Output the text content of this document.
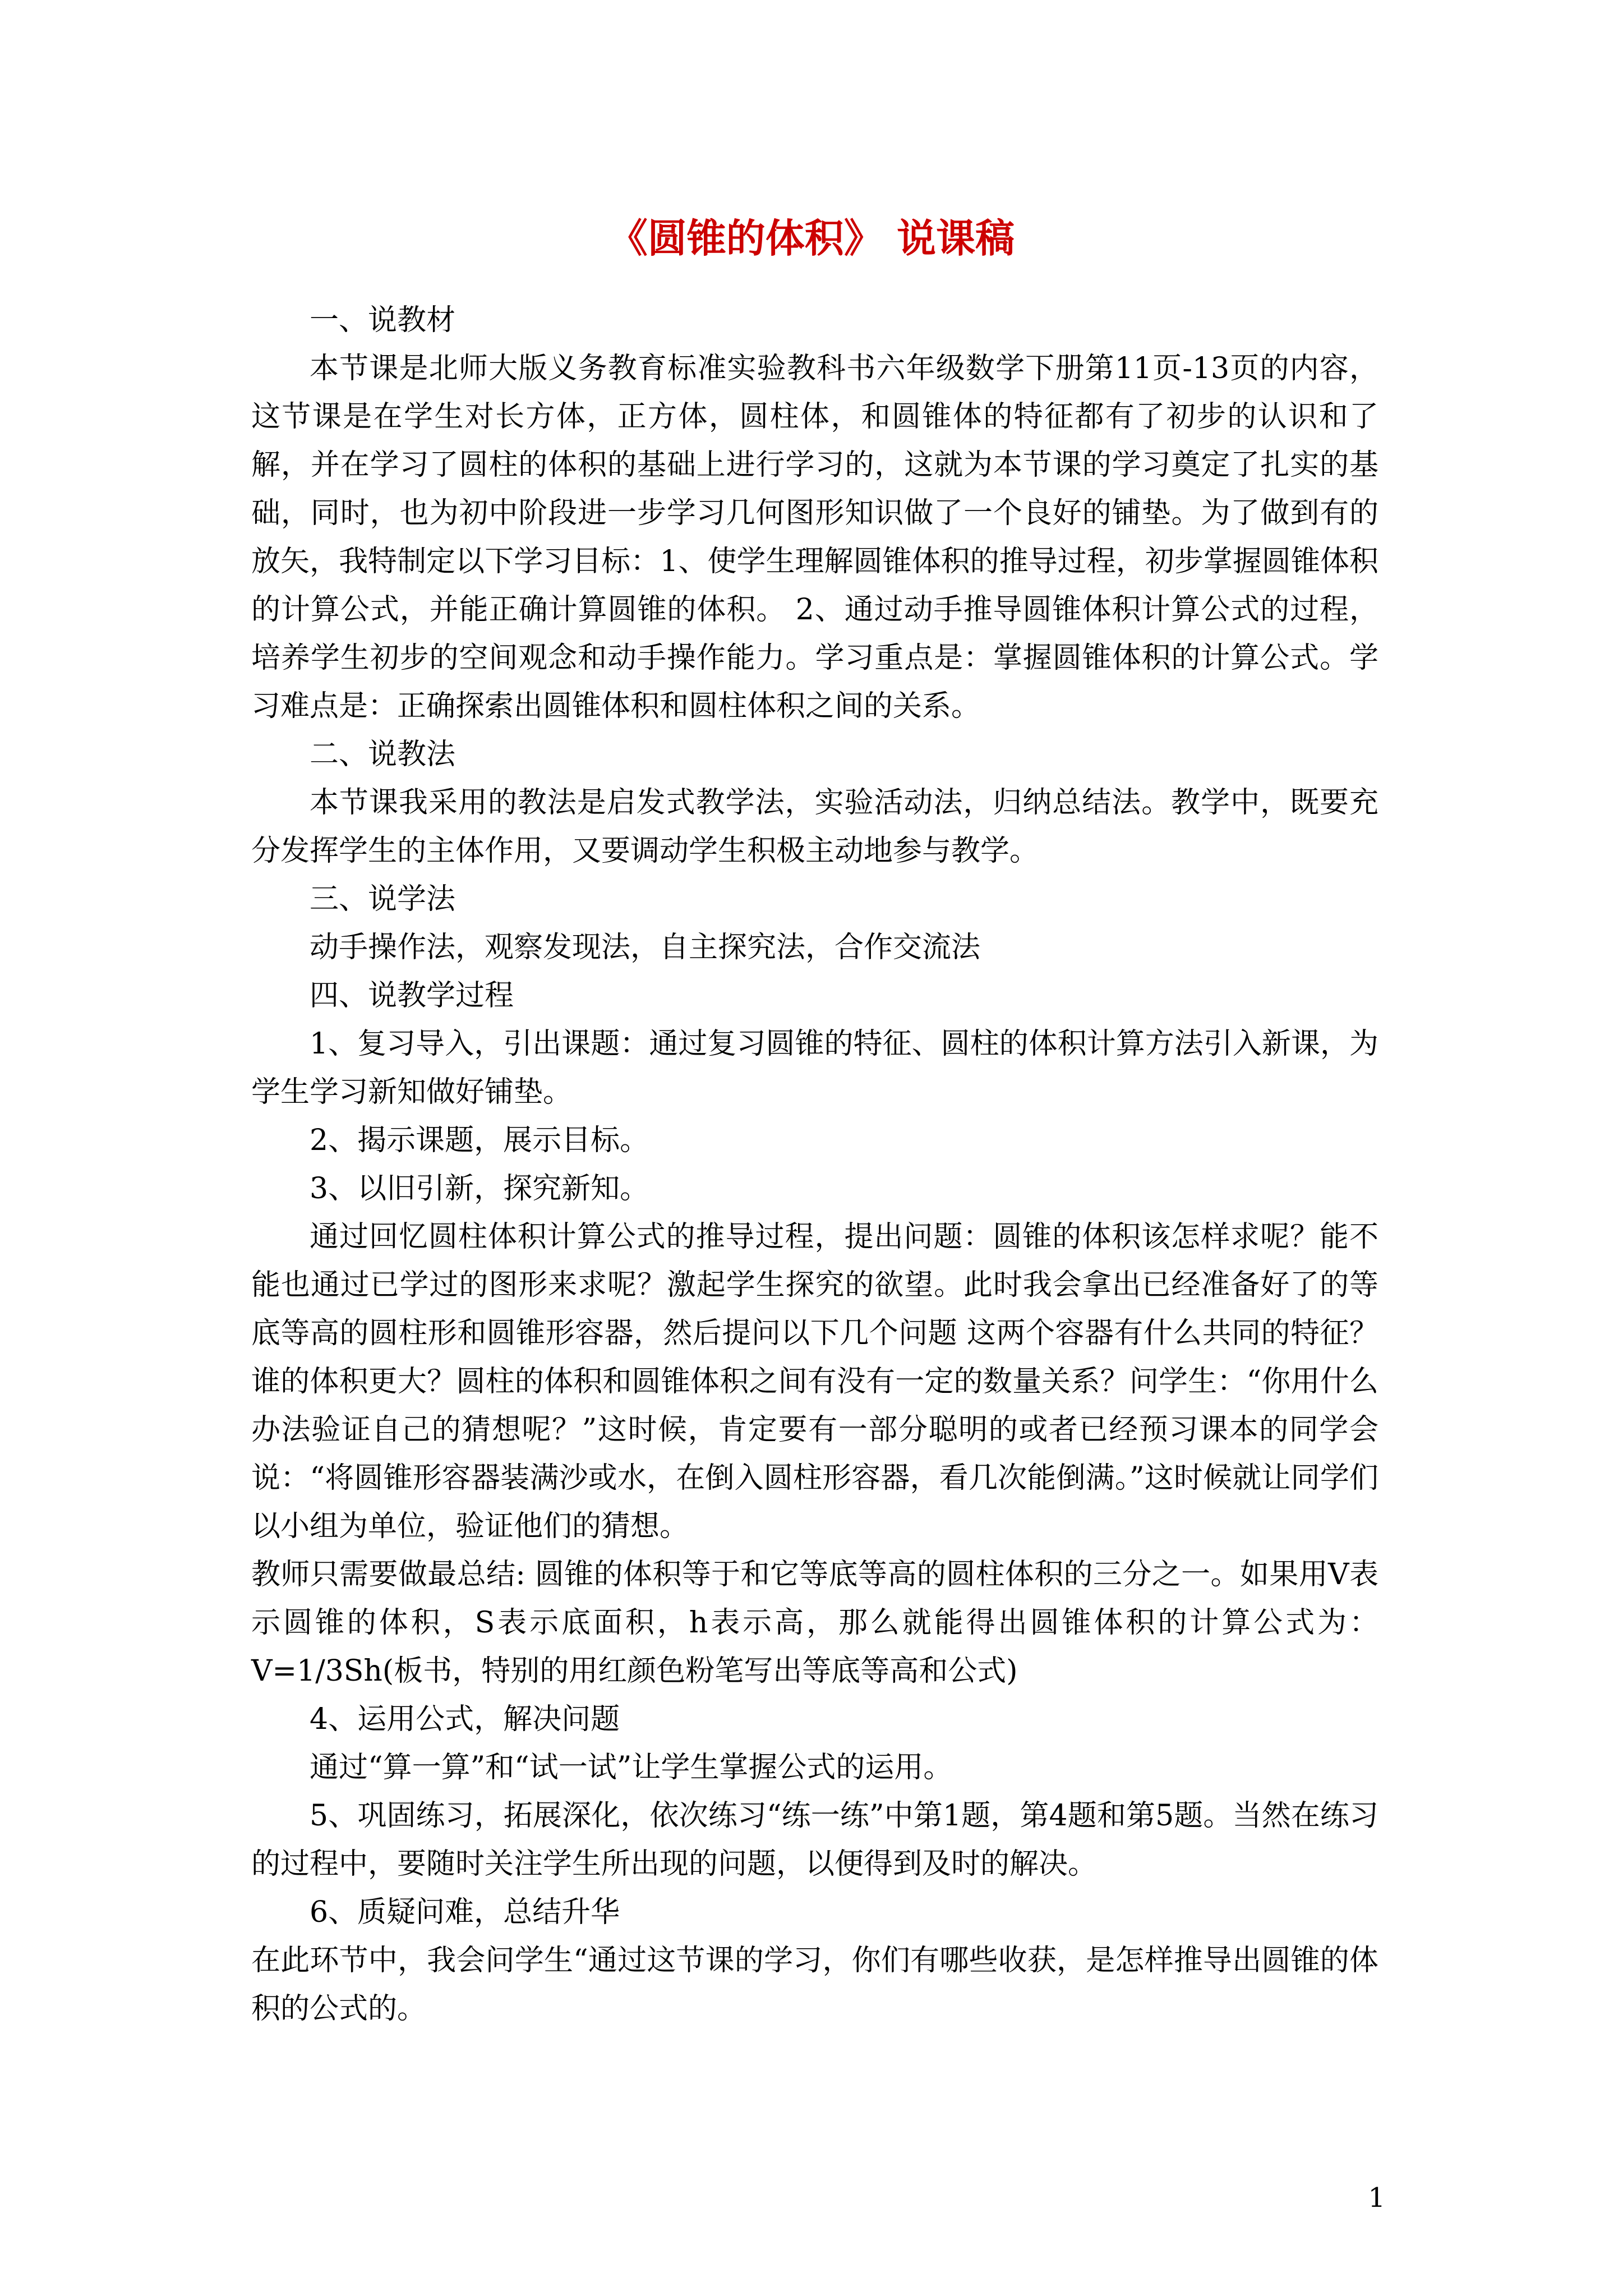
《圆锥的体积》 说课稿

一、说教材

本节课是北师大版义务教育标准实验教科书六年级数学下册第11页-13页的内容，这节课是在学生对长方体，正方体，圆柱体，和圆锥体的特征都有了初步的认识和了解，并在学习了圆柱的体积的基础上进行学习的，这就为本节课的学习奠定了扎实的基础，同时，也为初中阶段进一步学习几何图形知识做了一个良好的铺垫。为了做到有的放矢，我特制定以下学习目标：1、使学生理解圆锥体积的推导过程，初步掌握圆锥体积的计算公式，并能正确计算圆锥的体积。 2、通过动手推导圆锥体积计算公式的过程，培养学生初步的空间观念和动手操作能力。学习重点是：掌握圆锥体积的计算公式。学习难点是：正确探索出圆锥体积和圆柱体积之间的关系。

二、说教法

本节课我采用的教法是启发式教学法，实验活动法，归纳总结法。教学中，既要充分发挥学生的主体作用，又要调动学生积极主动地参与教学。

三、说学法

动手操作法，观察发现法，自主探究法，合作交流法

四、说教学过程

1、复习导入，引出课题：通过复习圆锥的特征、圆柱的体积计算方法引入新课，为学生学习新知做好铺垫。

2、揭示课题，展示目标。

3、以旧引新，探究新知。

通过回忆圆柱体积计算公式的推导过程，提出问题：圆锥的体积该怎样求呢？能不能也通过已学过的图形来求呢？激起学生探究的欲望。此时我会拿出已经准备好了的等底等高的圆柱形和圆锥形容器，然后提问以下几个问题 这两个容器有什么共同的特征？谁的体积更大？圆柱的体积和圆锥体积之间有没有一定的数量关系？问学生：“你用什么办法验证自己的猜想呢？”这时候，肯定要有一部分聪明的或者已经预习课本的同学会说：“将圆锥形容器装满沙或水，在倒入圆柱形容器，看几次能倒满。”这时候就让同学们以小组为单位，验证他们的猜想。

教师只需要做最总结: 圆锥的体积等于和它等底等高的圆柱体积的三分之一。如果用V表示圆锥的体积，S表示底面积，h表示高，那么就能得出圆锥体积的计算公式为：V=1/3Sh(板书，特别的用红颜色粉笔写出等底等高和公式)

4、运用公式，解决问题

通过“算一算”和“试一试”让学生掌握公式的运用。

5、巩固练习，拓展深化，依次练习“练一练”中第1题，第4题和第5题。当然在练习的过程中，要随时关注学生所出现的问题，以便得到及时的解决。

6、质疑问难，总结升华

在此环节中，我会问学生“通过这节课的学习，你们有哪些收获，是怎样推导出圆锥的体积的公式的。

1
